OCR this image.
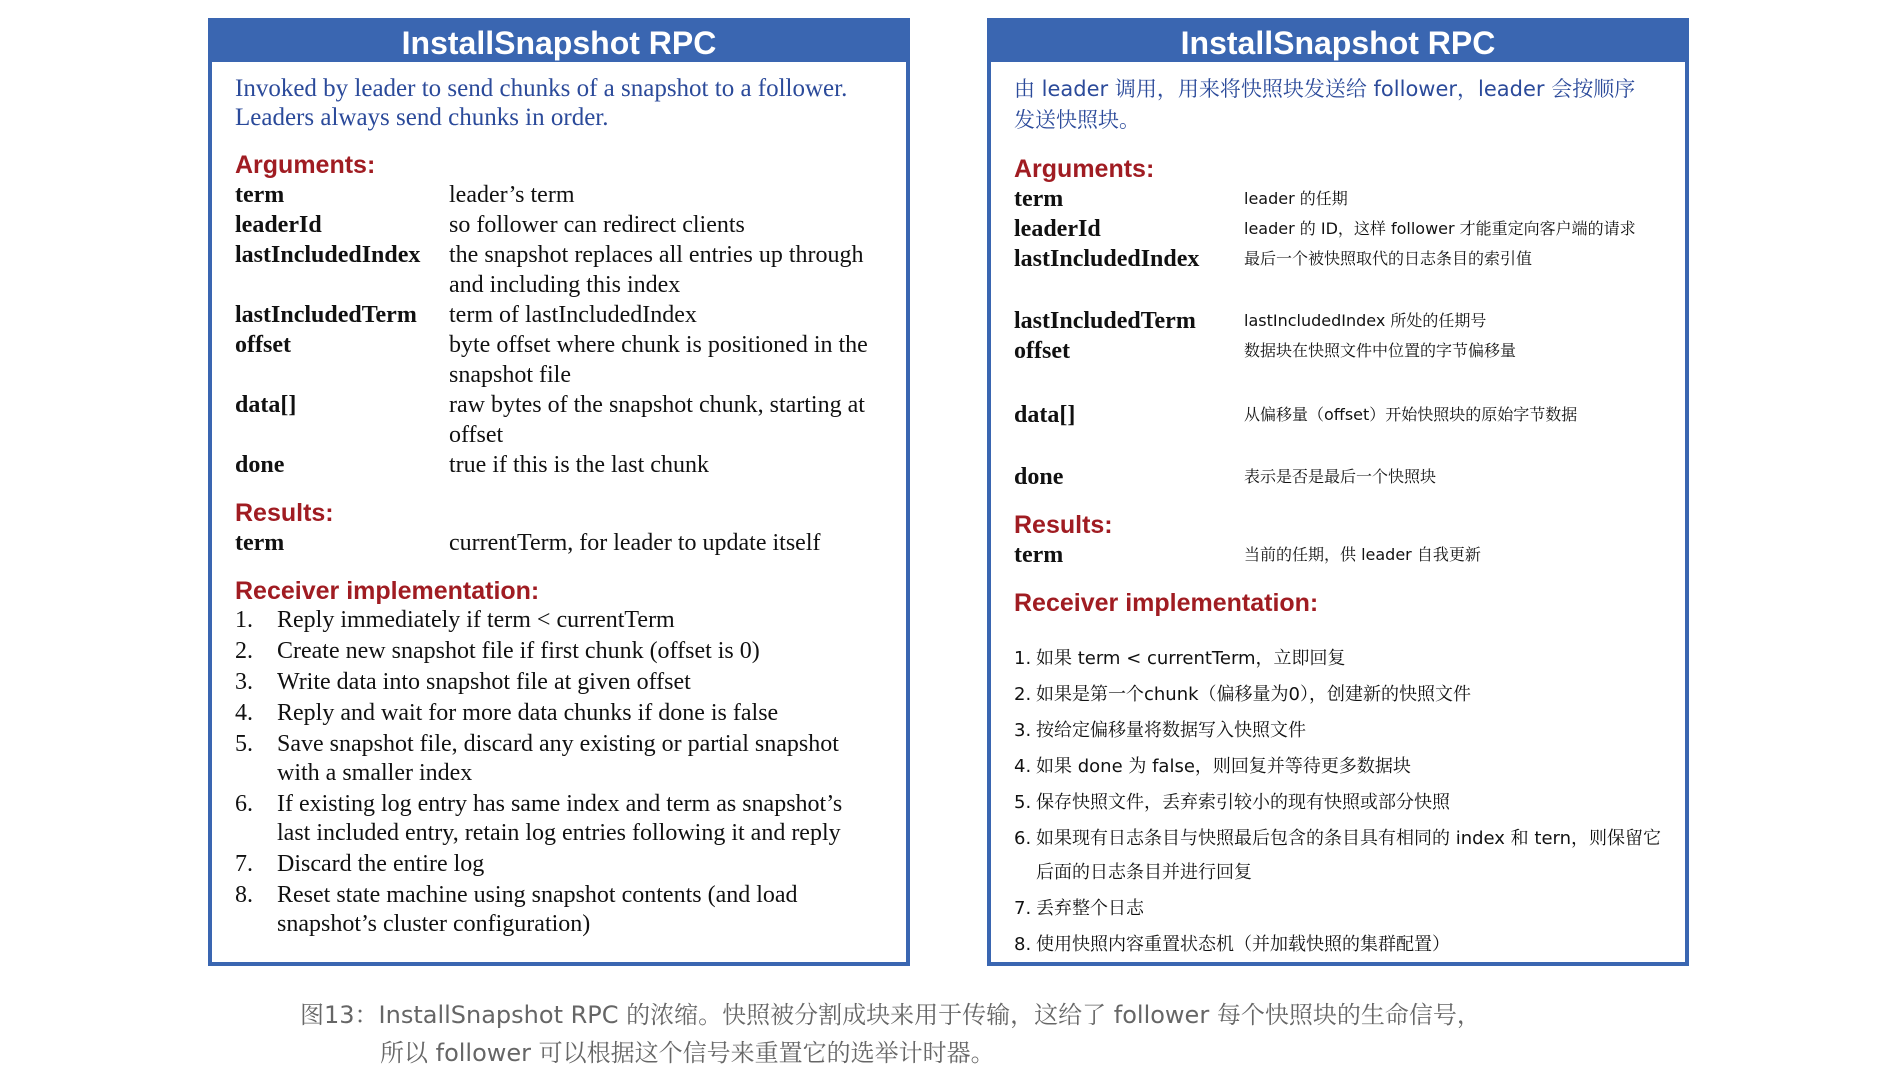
InstallSnapshot RPC

Invoked by leader to send chunks of a snapshot to a follower.
Leaders always send chunks in order.

Arguments:

term	leader’s term
leaderId	so follower can redirect clients
lastIncludedIndex	the snapshot replaces all entries up through and including this index
lastIncludedTerm	term of lastIncludedIndex
offset	byte offset where chunk is positioned in the snapshot file
data[]	raw bytes of the snapshot chunk, starting at offset
done	true if this is the last chunk

Results:

term	currentTerm, for leader to update itself

Receiver implementation:

1.	Reply immediately if term < currentTerm
2.	Create new snapshot file if first chunk (offset is 0)
3.	Write data into snapshot file at given offset
4.	Reply and wait for more data chunks if done is false
5.	Save snapshot file, discard any existing or partial snapshot with a smaller index
6.	If existing log entry has same index and term as snapshot’s last included entry, retain log entries following it and reply
7.	Discard the entire log
8.	Reset state machine using snapshot contents (and load snapshot’s cluster configuration)
InstallSnapshot RPC

由 leader 调用，用来将快照块发送给 follower，leader 会按顺序
发送快照块。

Arguments:

term	leader 的任期
leaderId	leader 的 ID，这样 follower 才能重定向客户端的请求
lastIncludedIndex	最后一个被快照取代的日志条目的索引值
lastIncludedTerm	lastIncludedIndex 所处的任期号
offset	数据块在快照文件中位置的字节偏移量
data[]	从偏移量（offset）开始快照块的原始字节数据
done	表示是否是最后一个快照块

Results:

term	当前的任期，供 leader 自我更新

Receiver implementation:

1. 如果 term < currentTerm，立即回复
2. 如果是第一个chunk（偏移量为0），创建新的快照文件
3. 按给定偏移量将数据写入快照文件
4. 如果 done 为 false，则回复并等待更多数据块
5. 保存快照文件，丢弃索引较小的现有快照或部分快照
6. 如果现有日志条目与快照最后包含的条目具有相同的 index 和 tern，则保留它后面的日志条目并进行回复
7. 丢弃整个日志
8. 使用快照内容重置状态机（并加载快照的集群配置）
图13：InstallSnapshot RPC 的浓缩。快照被分割成块来用于传输，这给了 follower 每个快照块的生命信号，
所以 follower 可以根据这个信号来重置它的选举计时器。
